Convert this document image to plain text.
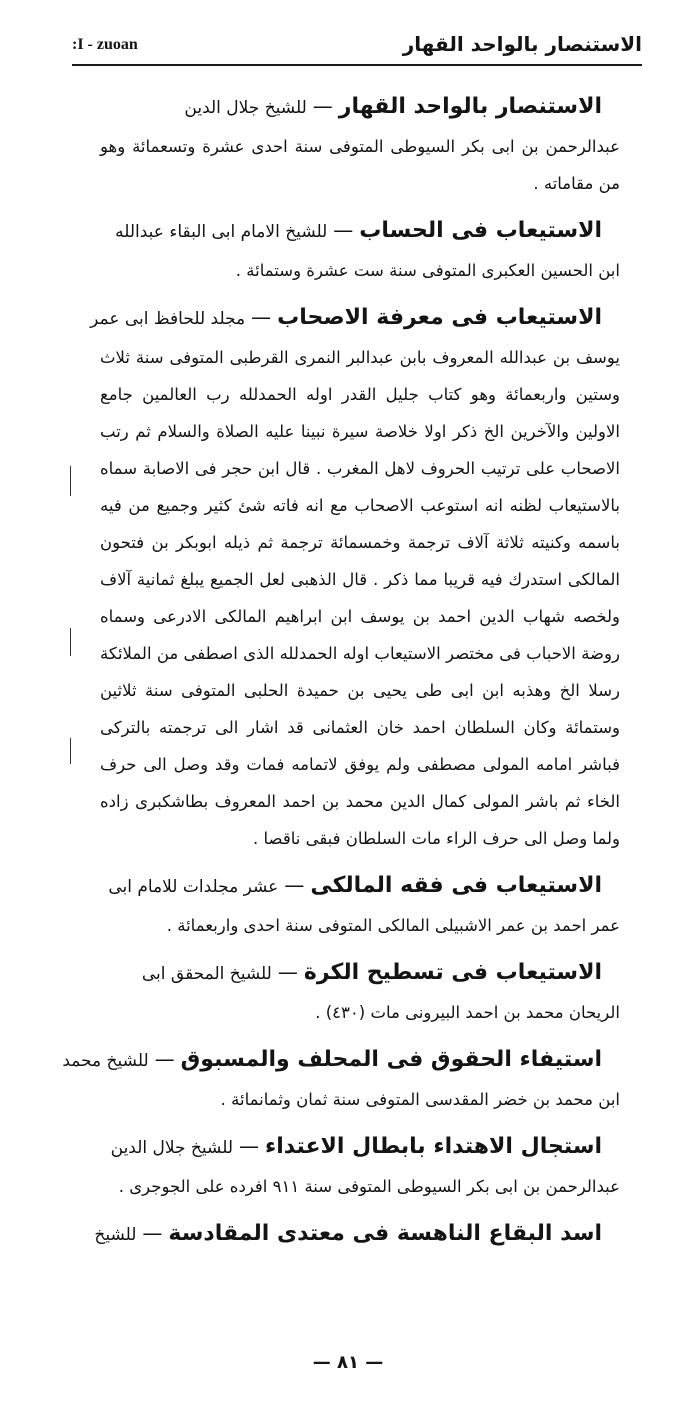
الاستنصار بالواحد القهار
:I - zuoan
الاستنصار بالواحد القهار—للشيخ جلال الدين
عبدالرحمن بن ابى بكر السيوطى المتوفى سنة احدى عشرة وتسعمائة وهو من مقاماته .
الاستيعاب فى الحساب—للشيخ الامام ابى البقاء عبدالله
ابن الحسين العكبرى المتوفى سنة ست عشرة وستمائة .
الاستيعاب فى معرفة الاصحاب—مجلد للحافظ ابى عمر
يوسف بن عبدالله المعروف بابن عبدالبر النمرى القرطبى المتوفى سنة ثلاث وستين واربعمائة وهو كتاب جليل القدر اوله الحمدلله رب العالمين جامع الاولين والآخرين الخ ذكر اولا خلاصة سيرة نبينا عليه الصلاة والسلام ثم رتب الاصحاب على ترتيب الحروف لاهل المغرب . قال ابن حجر فى الاصابة سماه بالاستيعاب لظنه انه استوعب الاصحاب مع انه فاته شئ كثير وجميع من فيه باسمه وكنيته ثلاثة آلاف ترجمة وخمسمائة ترجمة ثم ذيله ابوبكر بن فتحون المالكى استدرك فيه قريبا مما ذكر . قال الذهبى لعل الجميع يبلغ ثمانية آلاف ولخصه شهاب الدين احمد بن يوسف ابن ابراهيم المالكى الادرعى وسماه روضة الاحباب فى مختصر الاستيعاب اوله الحمدلله الذى اصطفى من الملائكة رسلا الخ وهذبه ابن ابى طى يحيى بن حميدة الحلبى المتوفى سنة ثلاثين وستمائة وكان السلطان احمد خان العثمانى قد اشار الى ترجمته بالتركى فباشر امامه المولى مصطفى ولم يوفق لاتمامه فمات وقد وصل الى حرف الخاء ثم باشر المولى كمال الدين محمد بن احمد المعروف بطاشكبرى زاده ولما وصل الى حرف الراء مات السلطان فبقى ناقصا .
الاستيعاب فى فقه المالكى—عشر مجلدات للامام ابى
عمر احمد بن عمر الاشبيلى المالكى المتوفى سنة احدى واربعمائة .
الاستيعاب فى تسطيح الكرة—للشيخ المحقق ابى
الريحان محمد بن احمد البيرونى مات (٤٣٠) .
استيفاء الحقوق فى المحلف والمسبوق—للشيخ محمد
ابن محمد بن خضر المقدسى المتوفى سنة ثمان وثمانمائة .
استجال الاهتداء بابطال الاعتداء—للشيخ جلال الدين
عبدالرحمن بن ابى بكر السيوطى المتوفى سنة ٩١١ افرده على الجوجرى .
اسد البقاع الناهسة فى معتدى المقادسة—للشيخ
— ٨١ —
